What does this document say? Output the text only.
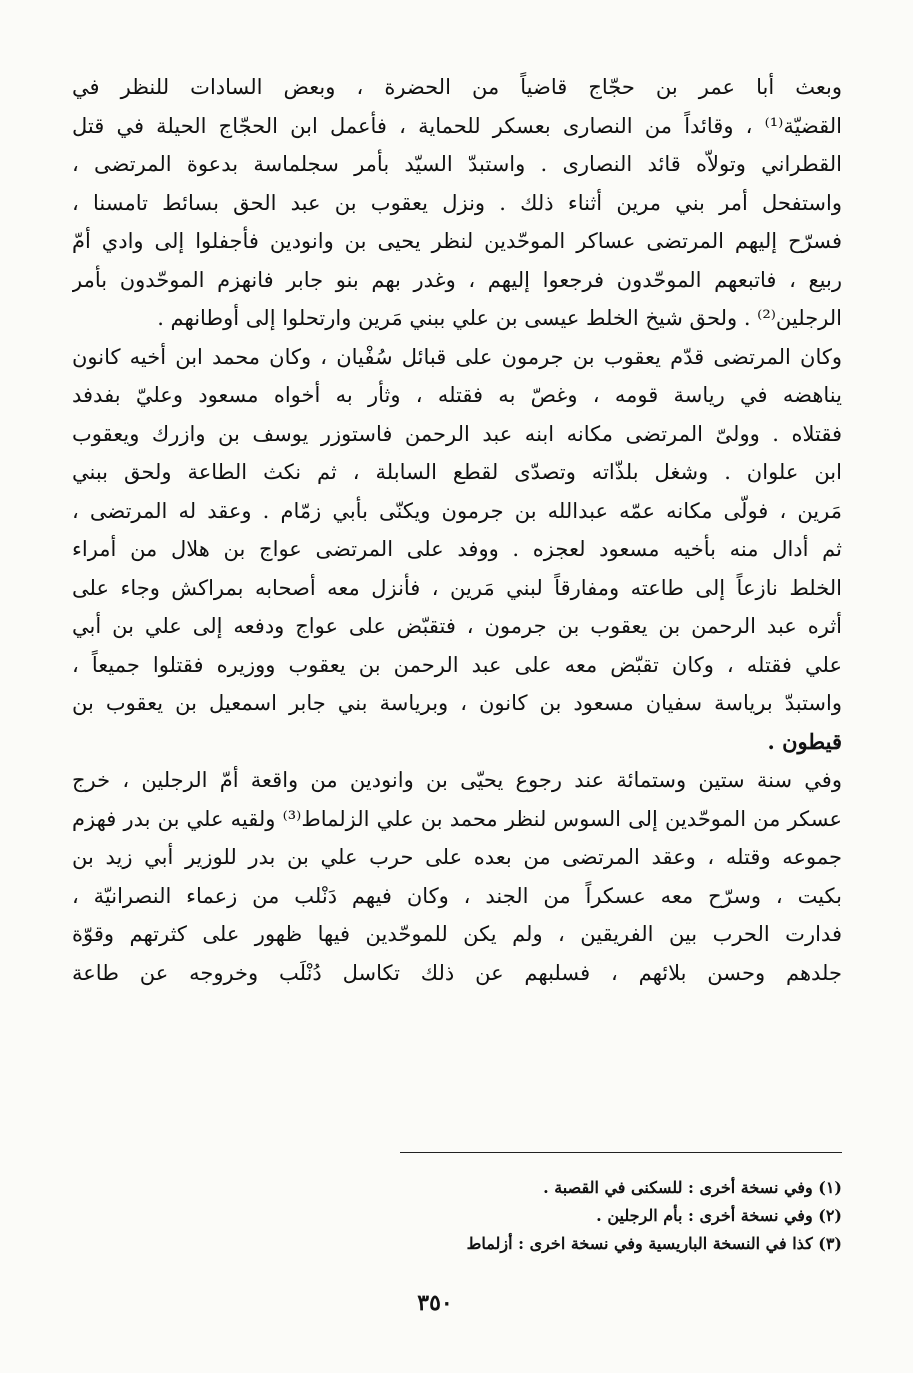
وبعث أبا عمر بن حجّاج قاضياً من الحضرة ، وبعض السادات للنظر في
القضيّة⁽¹⁾ ، وقائداً من النصارى بعسكر للحماية ، فأعمل ابن الحجّاج الحيلة في قتل
القطراني وتولاّه قائد النصارى . واستبدّ السيّد بأمر سجلماسة بدعوة المرتضى ،
واستفحل أمر بني مرين أثناء ذلك . ونزل يعقوب بن عبد الحق بسائط تامسنا ،
فسرّح إليهم المرتضى عساكر الموحّدين لنظر يحيى بن وانودين فأجفلوا إلى وادي أمّ
ربيع ، فاتبعهم الموحّدون فرجعوا إليهم ، وغدر بهم بنو جابر فانهزم الموحّدون بأمر
الرجلين⁽²⁾ . ولحق شيخ الخلط عيسى بن علي ببني مَرين وارتحلوا إلى أوطانهم .
وكان المرتضى قدّم يعقوب بن جرمون على قبائل سُفْيان ، وكان محمد ابن أخيه كانون
يناهضه في رياسة قومه ، وغصّ به فقتله ، وثأر به أخواه مسعود وعليّ بفدفد
فقتلاه . وولىّ المرتضى مكانه ابنه عبد الرحمن فاستوزر يوسف بن وازرك ويعقوب
ابن علوان . وشغل بلذّاته وتصدّى لقطع السابلة ، ثم نكث الطاعة ولحق ببني
مَرين ، فولّى مكانه عمّه عبدالله بن جرمون ويكنّى بأبي زمّام . وعقد له المرتضى ،
ثم أدال منه بأخيه مسعود لعجزه . ووفد على المرتضى عواج بن هلال من أمراء
الخلط نازعاً إلى طاعته ومفارقاً لبني مَرين ، فأنزل معه أصحابه بمراكش وجاء على
أثره عبد الرحمن بن يعقوب بن جرمون ، فتقبّض على عواج ودفعه إلى علي بن أبي
علي فقتله ، وكان تقبّض معه على عبد الرحمن بن يعقوب ووزيره فقتلوا جميعاً ،
واستبدّ برياسة سفيان مسعود بن كانون ، وبرياسة بني جابر اسمعيل بن يعقوب بن
قيطون .
وفي سنة ستين وستمائة عند رجوع يحيّى بن وانودين من واقعة أمّ الرجلين ، خرج
عسكر من الموحّدين إلى السوس لنظر محمد بن علي الزلماط⁽³⁾ ولقيه علي بن بدر فهزم
جموعه وقتله ، وعقد المرتضى من بعده على حرب علي بن بدر للوزير أبي زيد بن
بكيت ، وسرّح معه عسكراً من الجند ، وكان فيهم دَنْلب من زعماء النصرانيّة ،
فدارت الحرب بين الفريقين ، ولم يكن للموحّدين فيها ظهور على كثرتهم وقوّة
جلدهم وحسن بلائهم ، فسلبهم عن ذلك تكاسل دُنْلَب وخروجه عن طاعة
(١) وفي نسخة أخرى : للسكنى في القصبة .
(٢) وفي نسخة أخرى : بأم الرجلين .
(٣) كذا في النسخة الباريسية وفي نسخة اخرى : أزلماط
٣٥٠
